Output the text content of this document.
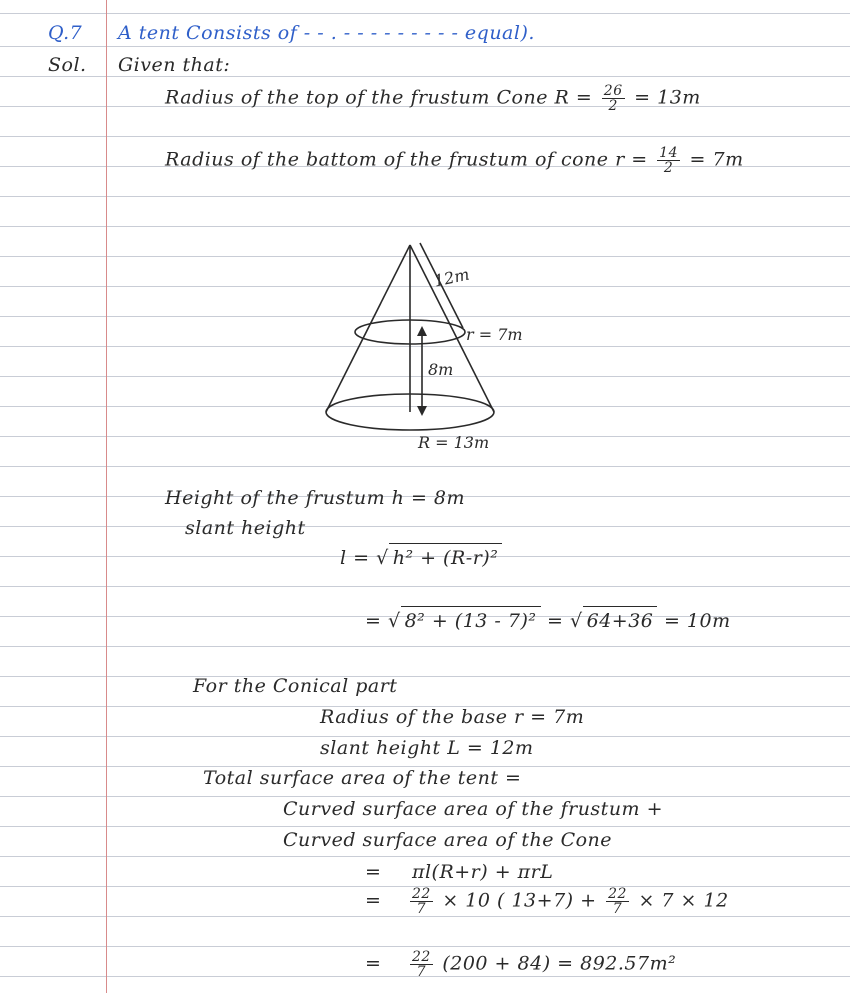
Q.7 A tent Consists of - - . - - - - - - - - - equal).
Sol. Given that:
Radius of the top of the frustum Cone $R = \frac{26}{2} = 13m$
Radius of the battom of the frustum of cone $r = \frac{14}{2} = 7m$
12m
r = 7m
8m
R = 13m
Height of the frustum h = 8m
slant height
l = √ h² + (R-r)²
= √ 8² + (13 - 7)² = √ 64+36 = 10m
For the Conical part
Radius of the base r = 7m
slant height L = 12m
Total surface area of the tent =
Curved surface area of the frustum +
Curved surface area of the Cone
= πl(R+r) + πrL
= $\frac{22}{7} \times 10$ ( $13+7) + \frac{22}{7} \times 7 \times 12$
= $\frac{22}{7} (200 + 84) = 892.57m^2$
